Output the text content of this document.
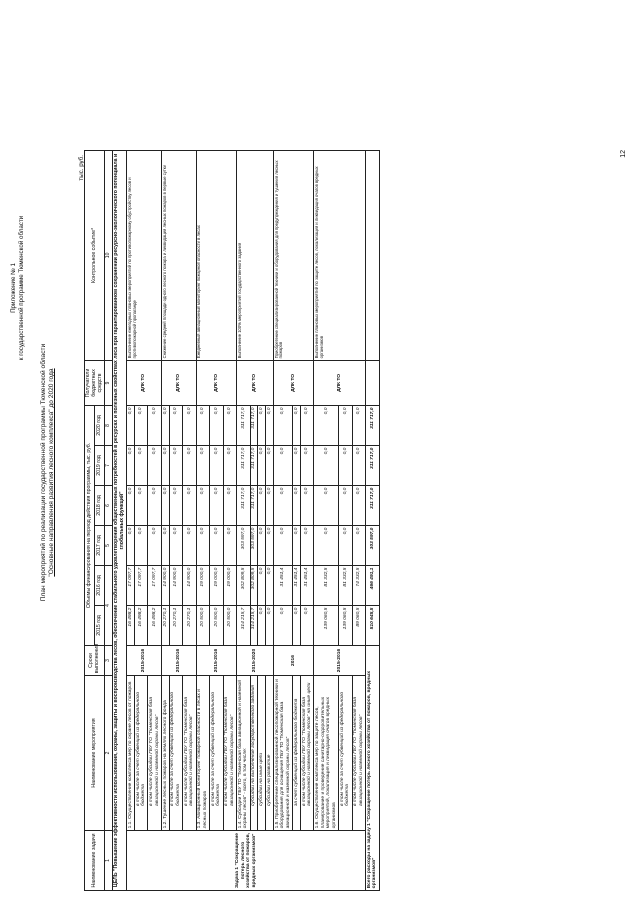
Приложение № 1 к государственной программе Тюменской области
План мероприятий по реализации государственной программы Тюменской области "Основные направления развития лесного комплекса" до 2020 года
тыс. руб.
Наименование задачи	Наименование мероприятия	Сроки выполнения	Объемы финансирования на период действия программы, тыс. руб.						Получатели бюджетных средств	Контрольное событие*
			2015 год	2016 год	2017 год	2018 год	2019 год	2020 год		
1	2	3	4		5	6	7	8	9	10
ЦЕЛЬ "Повышение эффективности использования, охраны, защиты и воспроизводства лесов, обеспечение стабильного удовлетворения общественных потребностей в ресурсах и полезных свойствах леса при гарантированном сохранении ресурсно-экологического потенциала и глобальных функций"										
Задача 1 "Сокращение потерь лесного хозяйства от пожаров, вредных организмов"	1.1. Осуществление комплекса мер по охране лесов от пожаров	2015-2016	16 498,2	17 097,7	0,0	0,0	0,0	0,0	ДЛК ТО	Выполнение ежегодных плановых мероприятий по противопожарному обустройству лесов и противопожарной пропаганде
	в том числе за счет субвенций из федерального бюджета		16 498,2	17 097,7	0,0	0,0	0,0	0,0		
	в том числе субсидии ГБУ ТО "Тюменская база авиационной и наземной охраны лесов"		16 498,2	17 097,7	0,0	0,0	0,0	0,0		
	1.2. Тушение лесных пожаров на землях лесного фонда	2015-2016	20 270,1	14 900,0	0,0	0,0	0,0	0,0	ДЛК ТО	Снижение средней площади одного лесного пожара и ликвидация лесных пожаров в первые сутки
	в том числе за счет субвенций из федерального бюджета		20 270,1	14 900,0	0,0	0,0	0,0	0,0		
	в том числе субсидии ГБУ ТО "Тюменская база авиационной и наземной охраны лесов"		20 270,1	14 900,0	0,0	0,0	0,0	0,0		
	1.3. Авиационный мониторинг пожарной опасности в лесах и лесных пожаров	2015-2016	20 500,0	19 000,0	0,0	0,0	0,0	0,0	ДЛК ТО	Ежедневный авиационный мониторинг пожарной опасности в лесах
	в том числе за счет субвенций из федерального бюджета		20 500,0	19 000,0	0,0	0,0	0,0	0,0		
	в том числе субсидии ГБУ ТО "Тюменская база авиационной и наземной охраны лесов"		20 500,0	19 000,0	0,0	0,0	0,0	0,0		
	1.4. Субсидии ГБУ ТО "Тюменская база авиационной и наземной охраны лесов" - всего, в том числе:	2015-2020	314 215,7	302 809,5	303 597,0	311 717,0	311 717,0	311 717,0	ДЛК ТО	Выполнение 100% мероприятий государственного задания
	субсидии на выполнение государственного задания		314 215,7	302 809,5	303 597,0	311 717,0	311 717,0	311 717,0		
	субсидии на иные цели		0,0	0,0	0,0	0,0	0,0	0,0		
	субсидии на развитие		0,0	0,0	0,0	0,0	0,0	0,0		
	1.5. Приобретение специализированной лесопожарной техники и оборудования для оснащения ГБУ ТО "Тюменская база авиационной и наземной охраны лесов"	2016	0,0	31 451,4	0,0	0,0	0,0	0,0	ДЛК ТО	Приобретение специализированной техники и оборудования для предупреждения и тушения лесных пожаров
	за счет субвенций из федерального бюджета		0,0	31 451,4	0,0	0,0	0,0	0,0		
	в том числе субсидии ГБУ ТО "Тюменская база авиационной и наземной охраны лесов" на иные цели		0,0	31 451,4	0,0	0,0	0,0	0,0		
	1.6. Осуществление комплекса мер по защите лесов, планирование и проведение санитарно-оздоровительных мероприятий, локализация и ликвидация очагов вредных организмов	2015-2016	139 060,5	81 332,5	0,0	0,0	0,0	0,0	ДЛК ТО	Выполнение плановых мероприятий по защите лесов, локализация и ликвидация очагов вредных организмов
	в том числе за счет субвенций из федерального бюджета		139 060,5	81 332,5	0,0	0,0	0,0	0,0		
	в том числе субсидии ГБУ ТО "Тюменская база авиационной и наземной охраны лесов"		89 060,5	74 332,5	0,0	0,0	0,0	0,0		
Всего расходы на задачу 1 "Сокращение потерь лесного хозяйства от пожаров, вредных организмов"			510 645,5	466 491,1	303 597,0	311 717,0	311 717,0	311 717,0		
12
